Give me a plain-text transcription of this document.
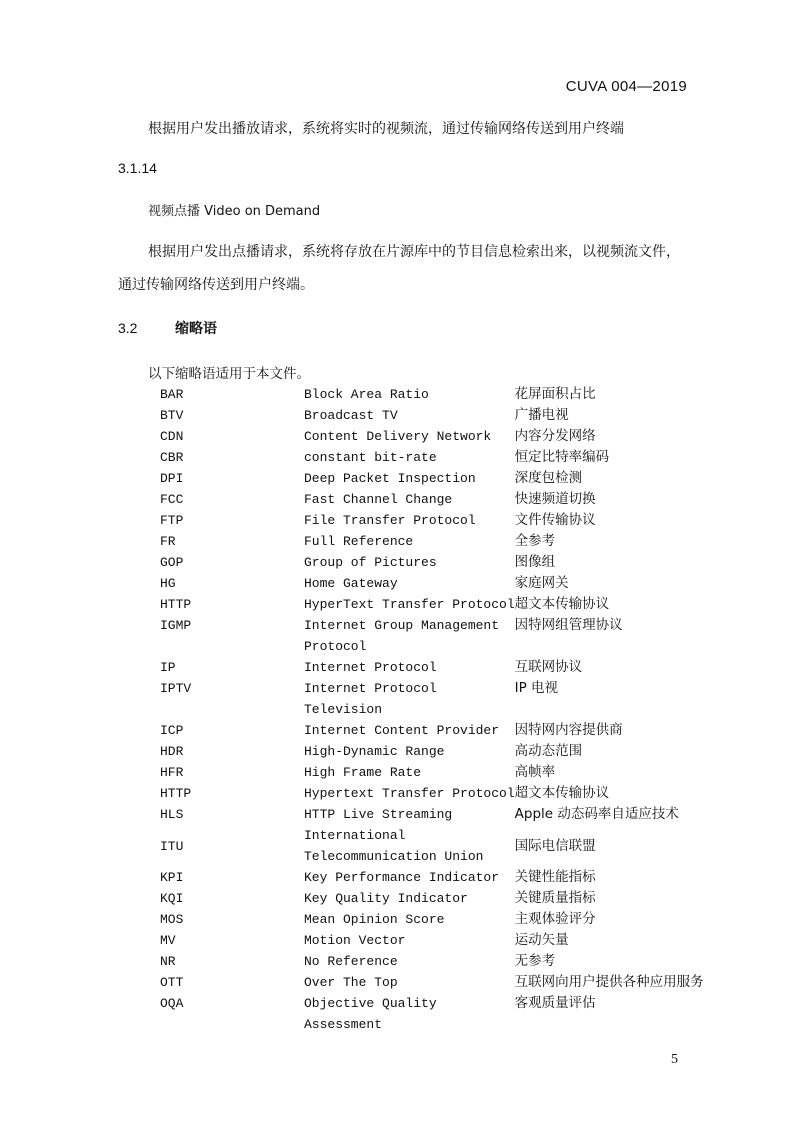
CUVA 004—2019
根据用户发出播放请求，系统将实时的视频流，通过传输网络传送到用户终端
3.1.14
视频点播 Video on Demand
根据用户发出点播请求，系统将存放在片源库中的节目信息检索出来，以视频流文件，通过传输网络传送到用户终端。
3.2	缩略语
以下缩略语适用于本文件。
BAR	Block Area Ratio	花屏面积占比
BTV	Broadcast TV	广播电视
CDN	Content Delivery Network	内容分发网络
CBR	constant bit-rate	恒定比特率编码
DPI	Deep Packet Inspection	深度包检测
FCC	Fast Channel Change	快速频道切换
FTP	File Transfer Protocol	文件传输协议
FR	Full Reference	全参考
GOP	Group of Pictures	图像组
HG	Home Gateway	家庭网关
HTTP	HyperText Transfer Protocol	超文本传输协议
IGMP	Internet Group Management Protocol	因特网组管理协议
IP	Internet Protocol	互联网协议
IPTV	Internet Protocol Television	IP 电视
ICP	Internet Content Provider	因特网内容提供商
HDR	High-Dynamic Range	高动态范围
HFR	High Frame Rate	高帧率
HTTP	Hypertext Transfer Protocol	超文本传输协议
HLS	HTTP Live Streaming	Apple 动态码率自适应技术
ITU	International Telecommunication Union	国际电信联盟
KPI	Key Performance Indicator	关键性能指标
KQI	Key Quality Indicator	关键质量指标
MOS	Mean Opinion Score	主观体验评分
MV	Motion Vector	运动矢量
NR	No Reference	无参考
OTT	Over The Top	互联网向用户提供各种应用服务
OQA	Objective Quality Assessment	客观质量评估
5
